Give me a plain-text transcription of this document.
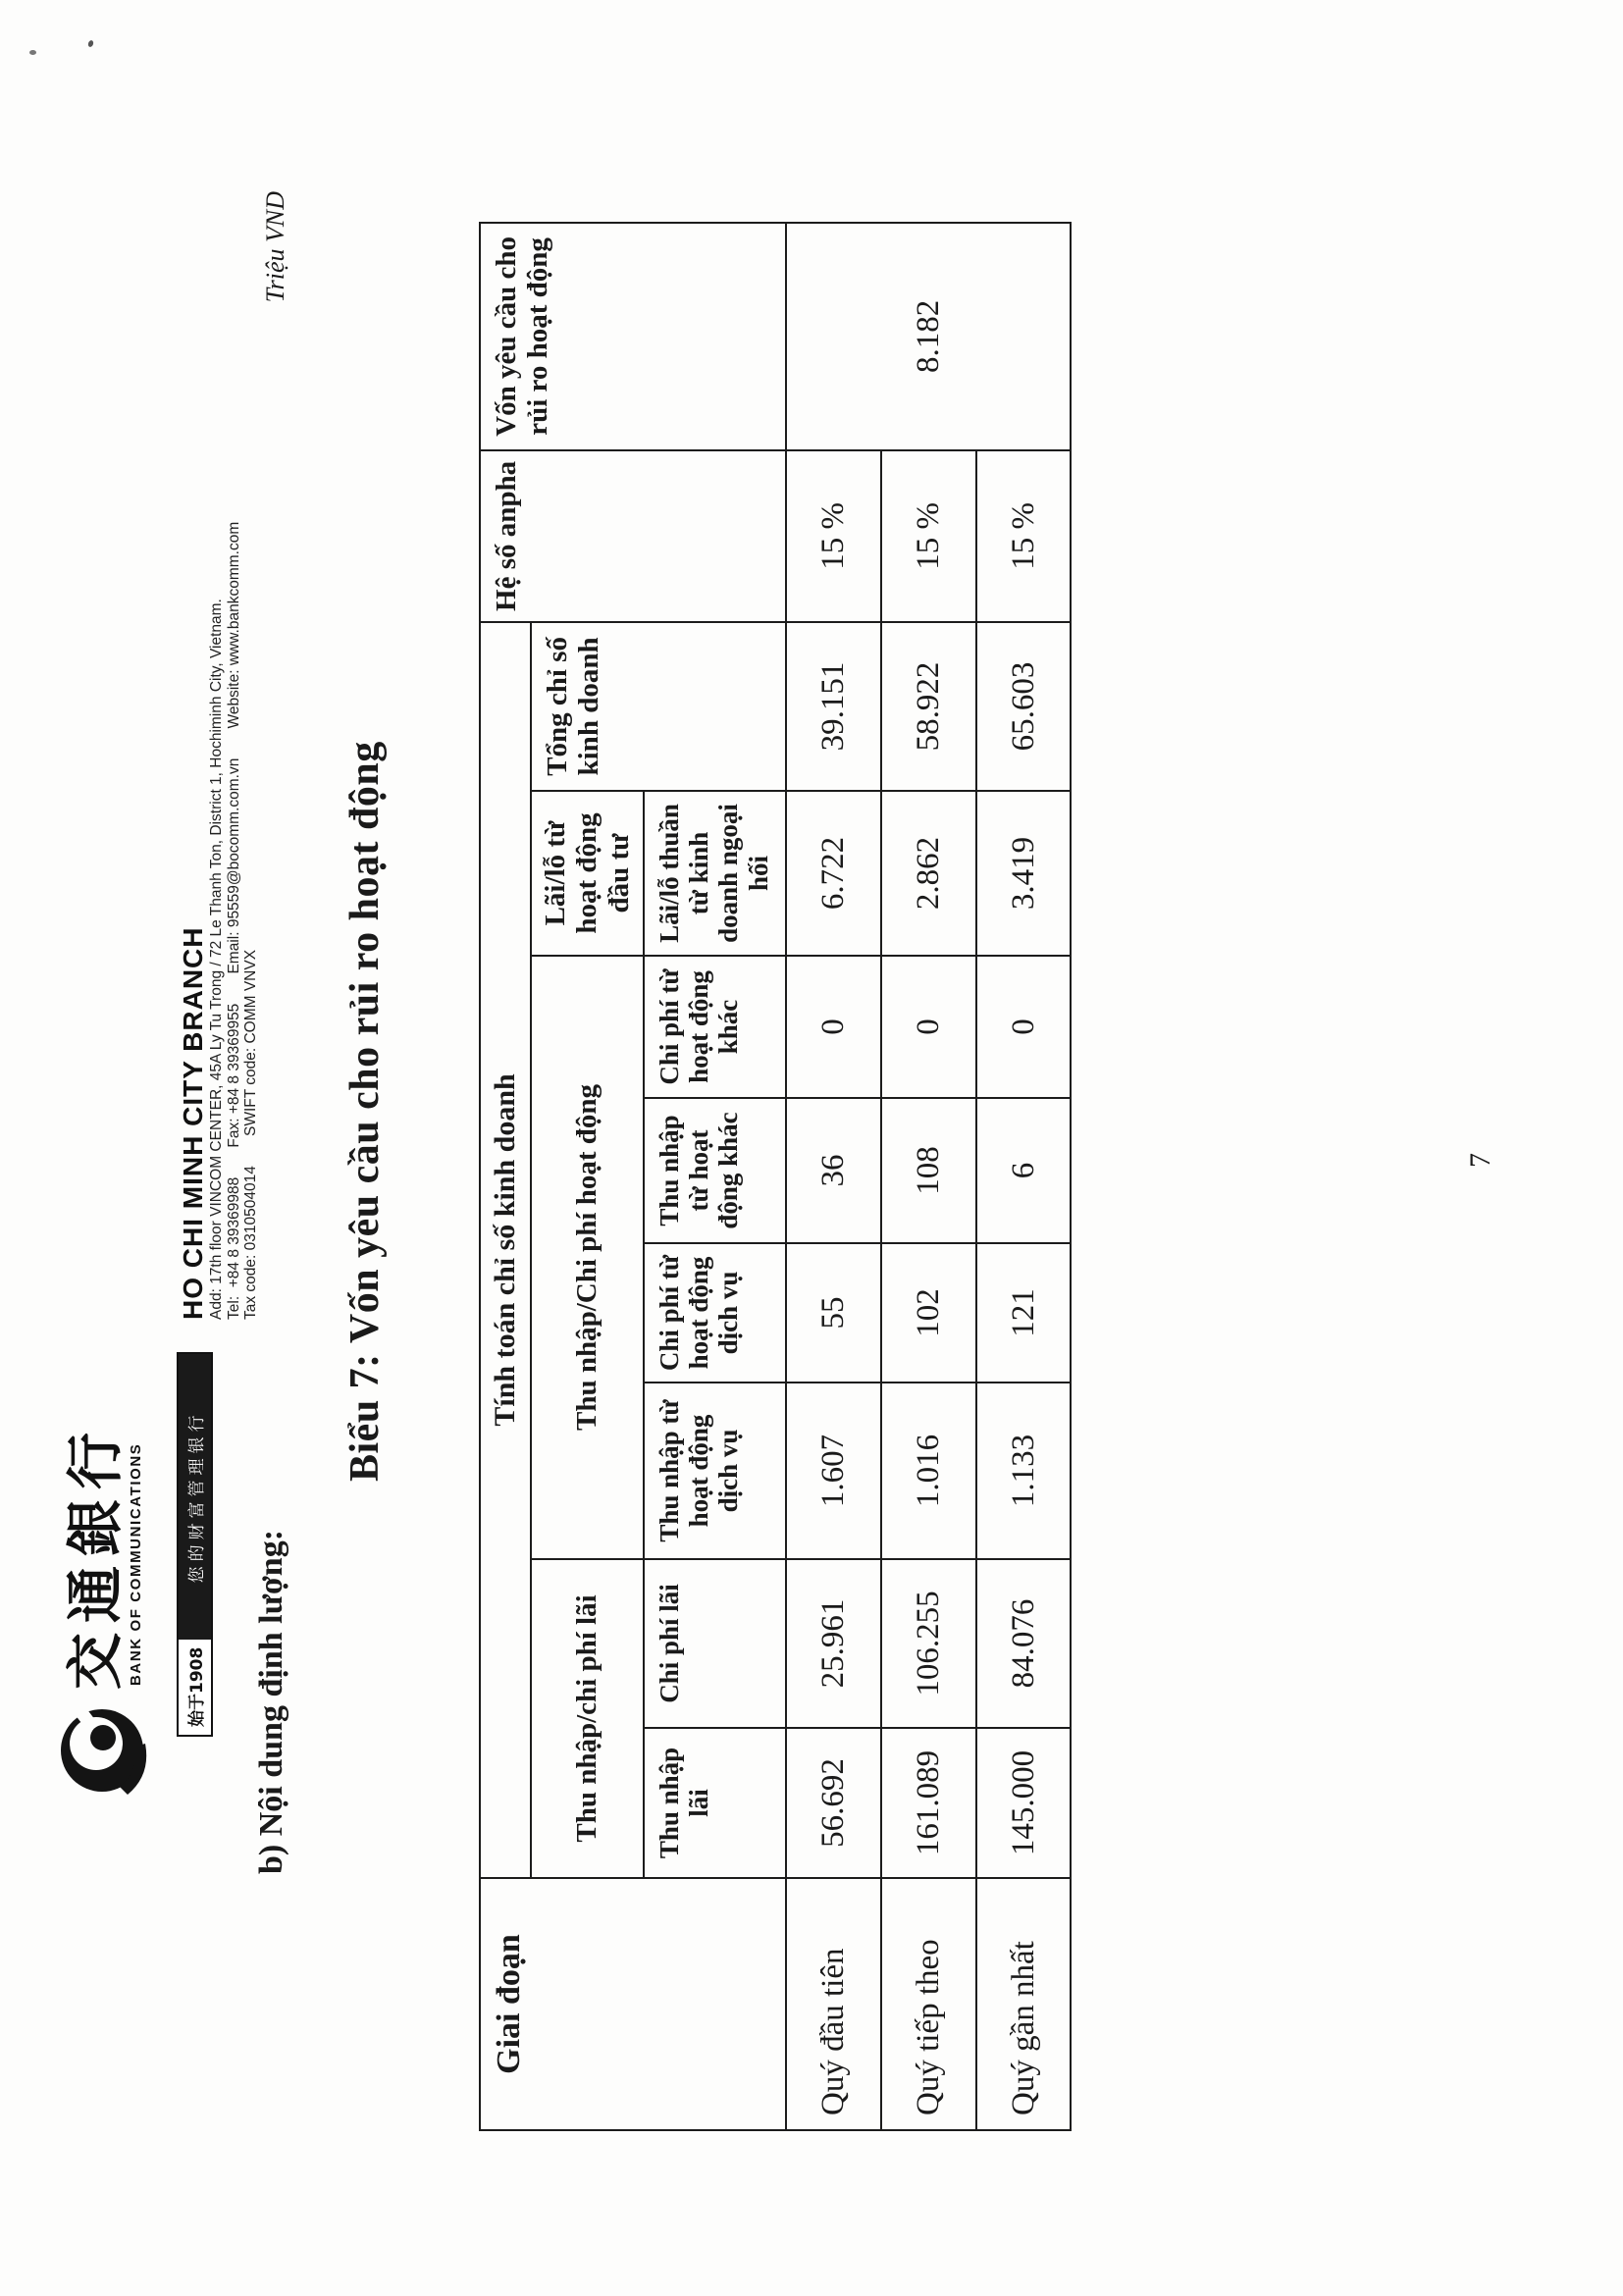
交通銀行 BANK OF COMMUNICATIONS
始于1908
您的财富管理银行
HO CHI MINH CITY BRANCH Add: 17th floor VINCOM CENTER, 45A Ly Tu Trong / 72 Le Thanh Ton, District 1, Hochiminh City, Vietnam. Tel:  +84 8 39369988       Fax: +84 8 39369955       Email: 95559@bocomm.com.vn       Website: www.bankcomm.com Tax code: 0310504014       SWIFT code: COMM VNVX
b) Nội dung định lượng:
Biểu 7: Vốn yêu cầu cho rủi ro hoạt động
Triệu VND
Giai đoạn	Tính toán chỉ số kinh doanh								Hệ số anpha	Vốn yêu cầu cho rủi ro hoạt động
	Thu nhập/chi phí lãi		Thu nhập/Chi phí hoạt động				Lãi/lỗ từ hoạt động đầu tư	Tổng chỉ số kinh doanh		
	Thu nhập lãi	Chi phí lãi	Thu nhập từ hoạt động dịch vụ	Chi phí từ hoạt động dịch vụ	Thu nhập từ hoạt động khác	Chi phí từ hoạt động khác	Lãi/lỗ thuần từ kinh doanh ngoại hối			
Quý đầu tiên	56.692	25.961	1.607	55	36	0	6.722	39.151	15 %	8.182
Quý tiếp theo	161.089	106.255	1.016	102	108	0	2.862	58.922	15 %	
Quý gần nhất	145.000	84.076	1.133	121	6	0	3.419	65.603	15 %	
7
